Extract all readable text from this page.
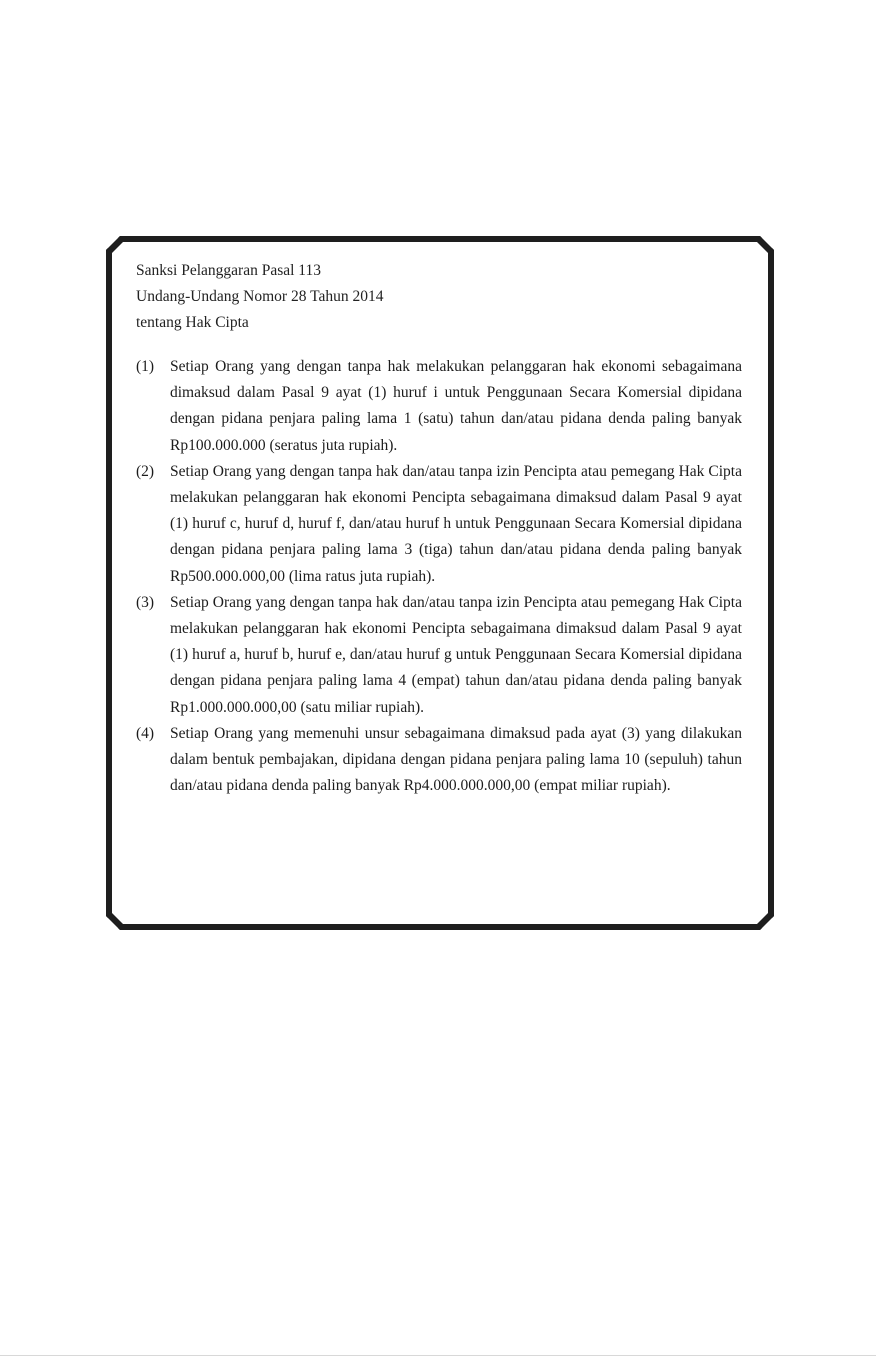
Sanksi Pelanggaran Pasal 113

Undang-Undang Nomor 28 Tahun 2014

tentang Hak Cipta

(1)	Setiap Orang yang dengan tanpa hak melakukan pelanggaran hak ekonomi sebagaimana dimaksud dalam Pasal 9 ayat (1) huruf i untuk Penggunaan Secara Komersial dipidana dengan pidana penjara paling lama 1 (satu) tahun dan/atau pidana denda paling banyak Rp100.000.000 (seratus juta rupiah).
(2)	Setiap Orang yang dengan tanpa hak dan/atau tanpa izin Pencipta atau pemegang Hak Cipta melakukan pelanggaran hak ekonomi Pencipta sebagaimana dimaksud dalam Pasal 9 ayat (1) huruf c, huruf d, huruf f, dan/atau huruf h untuk Penggunaan Secara Komersial dipidana dengan pidana penjara paling lama 3 (tiga) tahun dan/atau pidana denda paling banyak Rp500.000.000,00 (lima ratus juta rupiah).
(3)	Setiap Orang yang dengan tanpa hak dan/atau tanpa izin Pencipta atau pemegang Hak Cipta melakukan pelanggaran hak ekonomi Pencipta sebagaimana dimaksud dalam Pasal 9 ayat (1) huruf a, huruf b, huruf e, dan/atau huruf g untuk Penggunaan Secara Komersial dipidana dengan pidana penjara paling lama 4 (empat) tahun dan/atau pidana denda paling banyak Rp1.000.000.000,00 (satu miliar rupiah).
(4)	Setiap Orang yang memenuhi unsur sebagaimana dimaksud pada ayat (3) yang dilakukan dalam bentuk pembajakan, dipidana dengan pidana penjara paling lama 10 (sepuluh) tahun dan/atau pidana denda paling banyak Rp4.000.000.000,00 (empat miliar rupiah).
